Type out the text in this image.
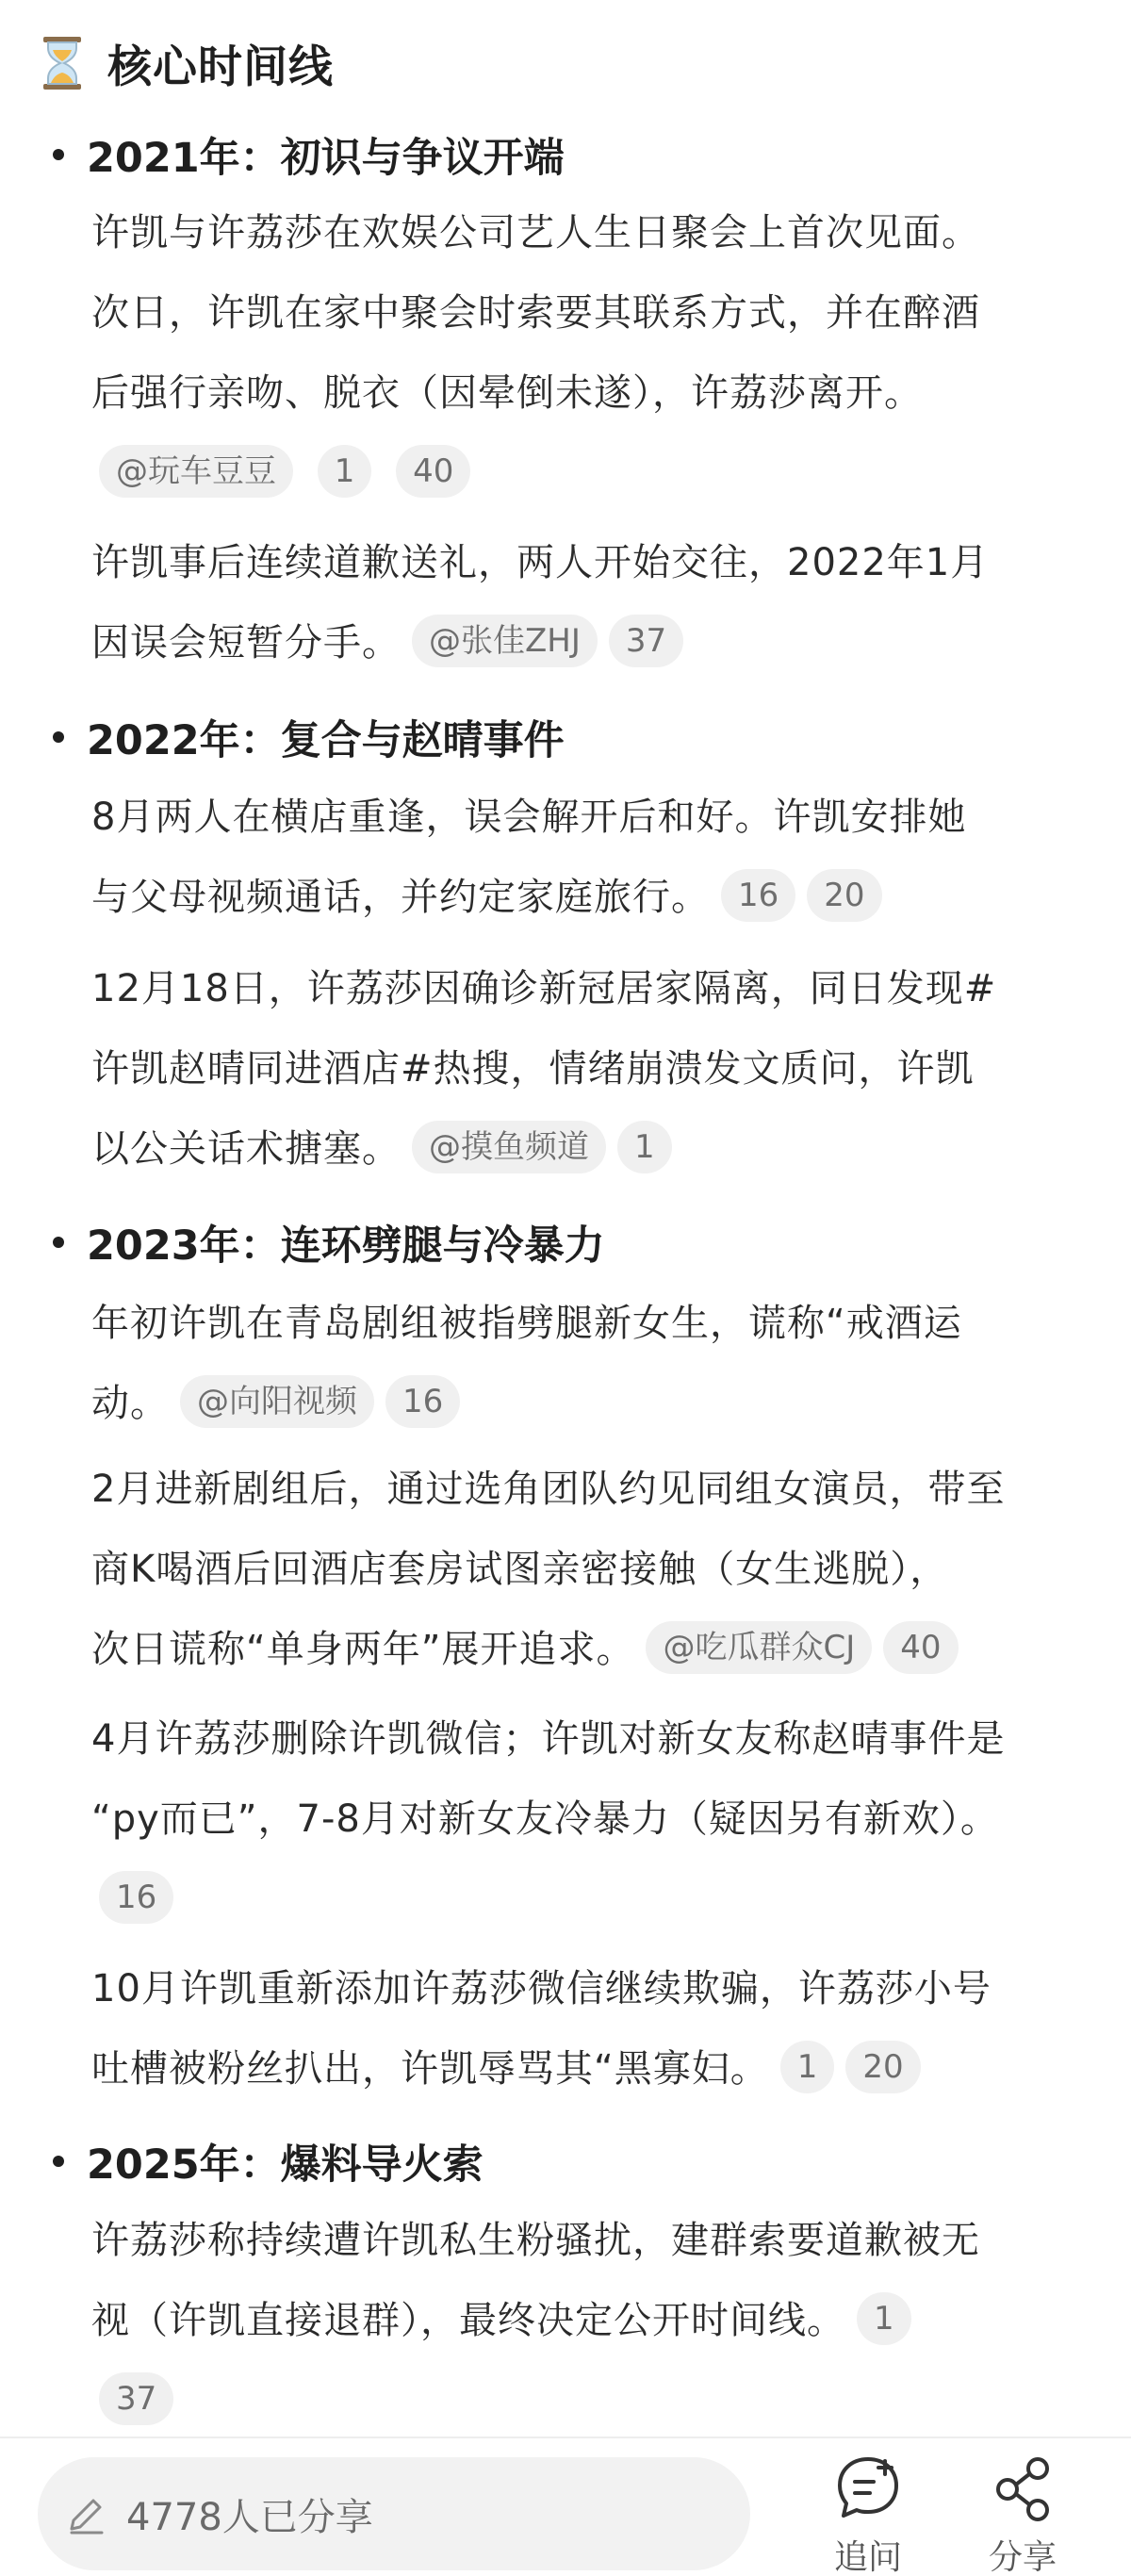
核心时间线
2021年：初识与争议开端
许凯与许荔莎在欢娱公司艺人生日聚会上首次见面。
次日，许凯在家中聚会时索要其联系方式，并在醉酒
后强行亲吻、脱衣（因晕倒未遂），许荔莎离开。

@玩车豆豆 1 40
许凯事后连续道歉送礼，两人开始交往，2022年1月
因误会短暂分手。 @张佳ZHJ 37
2022年：复合与赵晴事件
8月两人在横店重逢，误会解开后和好。许凯安排她
与父母视频通话，并约定家庭旅行。 16 20
12月18日，许荔莎因确诊新冠居家隔离，同日发现#
许凯赵晴同进酒店#热搜，情绪崩溃发文质问，许凯
以公关话术搪塞。 @摸鱼频道 1
2023年：连环劈腿与冷暴力
年初许凯在青岛剧组被指劈腿新女生，谎称“戒酒运
动。 @向阳视频 16
2月进新剧组后，通过选角团队约见同组女演员，带至
商K喝酒后回酒店套房试图亲密接触（女生逃脱），
次日谎称“单身两年”展开追求。 @吃瓜群众CJ 40
4月许荔莎删除许凯微信；许凯对新女友称赵晴事件是
“py而已”，7-8月对新女友冷暴力（疑因另有新欢）。

16
10月许凯重新添加许荔莎微信继续欺骗，许荔莎小号
吐槽被粉丝扒出，许凯辱骂其“黑寡妇。 1 20
2025年：爆料导火索
许荔莎称持续遭许凯私生粉骚扰，建群索要道歉被无
视（许凯直接退群），最终决定公开时间线。 1

37
4778人已分享
追问	分享
